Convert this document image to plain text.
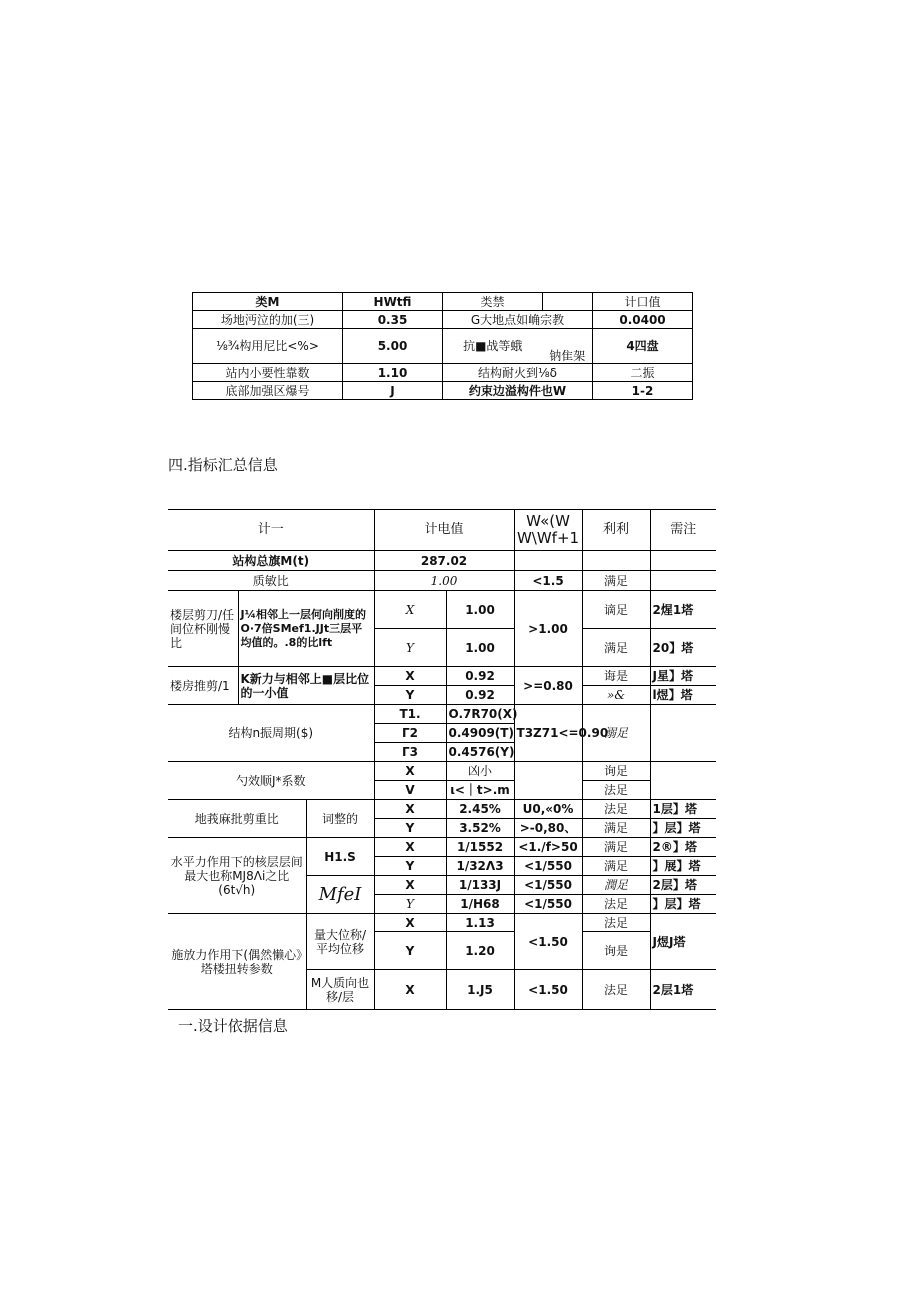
类M	HWtfi	类禁		计口值
场地沔泣的加(三)	0.35	G大地点如崅宗教		0.0400
⅛¾构用尼比<%>	5.00	抗■战等蛾	钠隹架	4四盘
站内小要性靠数	1.10	结构耐火到⅛δ		二振
底部加强区爆号	J	约束边溢构件也W		1-2
四.指标汇总信息
计一			计电值		W«(W W\Wf+1	利利	需注
站构总旗M(t)			287.02				
质敏比			1.00		<1.5	满足	
楼层剪刀/任间位杯刚慢比	J¼相邻上一层何向削度的O·7倍SMef1.JJt三层平均值的。.8的比lft		X	1.00	>1.00	谪足	2煋1塔
			Y	1.00		满足	20】塔
楼房推剪/1	K新力与相邻上■层比位的一小值		X	0.92	>=0.80	诲是	J星】塔
			Y	0.92		»&	l煜】塔
结构n振周期($)			T1.	O.7R70(X)	T3Z71<=0.90	溺足	
			Γ2	0.4909(T)			
			Γ3	0.4576(Y)			
勺效顺J*系数			X	凶小		询足	
			V	ι<｜t>.m		法足	
地莪麻批剪重比		词整的	X	2.45%	U0,«0%	法足	1层】塔
			Y	3.52%	>-0,80、	满足	】层】塔
水平力作用下的核层层间最大也称MJ8Λi之比(6t√h)		H1.S	X	1/1552	<1./f>50	满足	2®】塔
			Y	1/32Λ3	<1/550	满足	】展】塔
		MfeI	X	1/133J	<1/550	潤足	2层】塔
			Y	1/H68	<1/550	法足	】层】塔
施放力作用下(偶然懒心》塔楼扭转参数		量大位称/平均位移	X	1.13	<1.50	法足	J煜J塔
			Y	1.20		询是	
		M人质向也移/层	X	1.J5	<1.50	法足	2层1塔
一.设计依据信息
